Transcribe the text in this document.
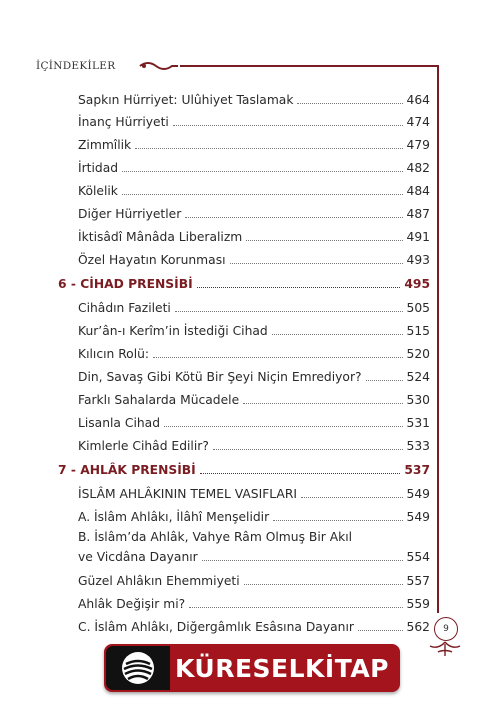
İÇİNDEKİLER
Sapkın Hürriyet: Ulûhiyet Taslamak	464
İnanç Hürriyeti	474
Zimmîlik	479
İrtidad	482
Kölelik	484
Diğer Hürriyetler	487
İktisâdî Mânâda Liberalizm	491
Özel Hayatın Korunması	493
6 - CİHAD PRENSİBİ	495
Cihâdın Fazileti	505
Kur’ân-ı Kerîm’in İstediği Cihad	515
Kılıcın Rolü:	520
Din, Savaş Gibi Kötü Bir Şeyi Niçin Emrediyor?	524
Farklı Sahalarda Mücadele	530
Lisanla Cihad	531
Kimlerle Cihâd Edilir?	533
7 - AHLÂK PRENSİBİ	537
İSLÂM AHLÂKININ TEMEL VASIFLARI	549
A. İslâm Ahlâkı, İlâhî Menşelidir	549
B. İslâm’da Ahlâk, Vahye Râm Olmuş Bir Akıl
ve Vicdâna Dayanır	554
Güzel Ahlâkın Ehemmiyeti	557
Ahlâk Değişir mi?	559
C. İslâm Ahlâkı, Diğergâmlık Esâsına Dayanır	562	9
KÜRESELKİTAP
